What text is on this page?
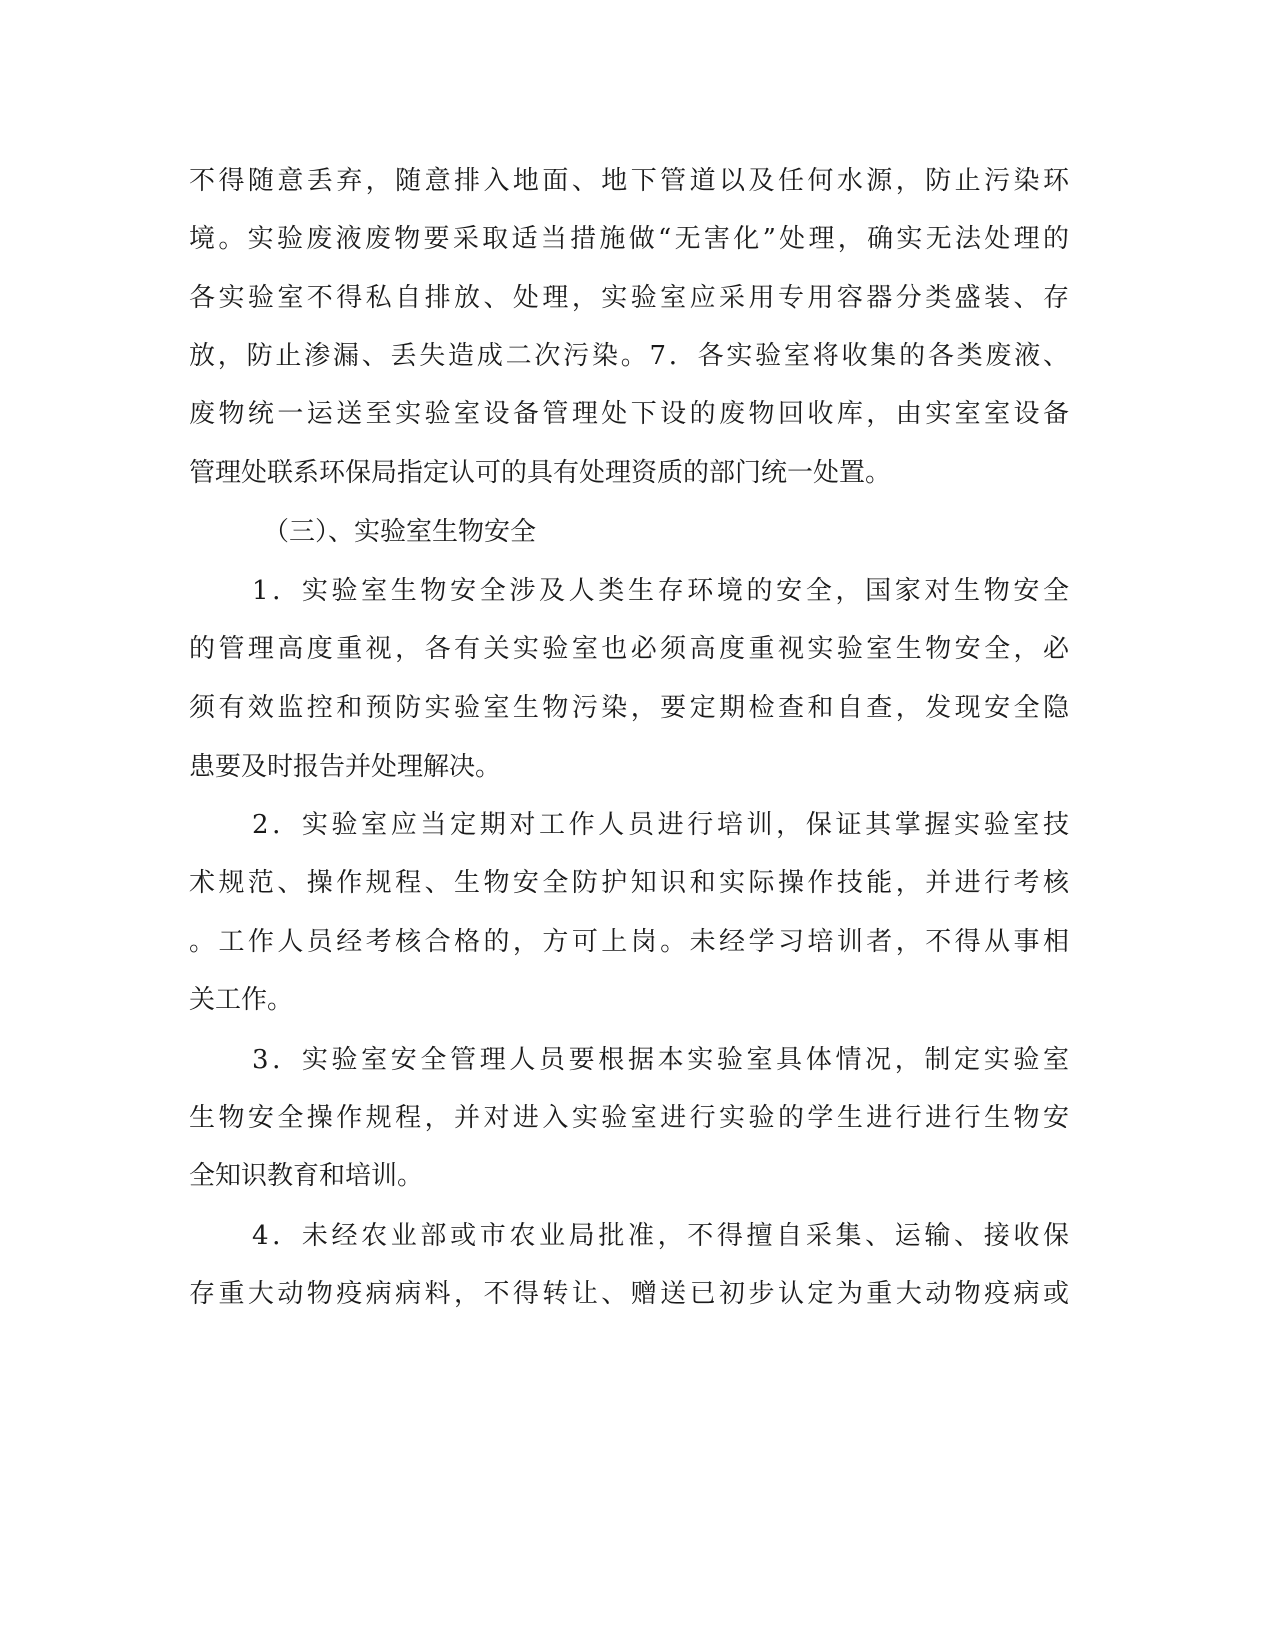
不得随意丢弃，随意排入地面、地下管道以及任何水源，防止污染环
境。实验废液废物要采取适当措施做“无害化”处理，确实无法处理的
各实验室不得私自排放、处理，实验室应采用专用容器分类盛装、存
放，防止渗漏、丢失造成二次污染。7．各实验室将收集的各类废液、
废物统一运送至实验室设备管理处下设的废物回收库，由实室室设备
管理处联系环保局指定认可的具有处理资质的部门统一处置。
（三）、实验室生物安全
1．实验室生物安全涉及人类生存环境的安全，国家对生物安全
的管理高度重视，各有关实验室也必须高度重视实验室生物安全，必
须有效监控和预防实验室生物污染，要定期检查和自查，发现安全隐
患要及时报告并处理解决。
2．实验室应当定期对工作人员进行培训，保证其掌握实验室技
术规范、操作规程、生物安全防护知识和实际操作技能，并进行考核
。工作人员经考核合格的，方可上岗。未经学习培训者，不得从事相
关工作。
3．实验室安全管理人员要根据本实验室具体情况，制定实验室
生物安全操作规程，并对进入实验室进行实验的学生进行进行生物安
全知识教育和培训。
4．未经农业部或市农业局批准，不得擅自采集、运输、接收保
存重大动物疫病病料，不得转让、赠送已初步认定为重大动物疫病或
